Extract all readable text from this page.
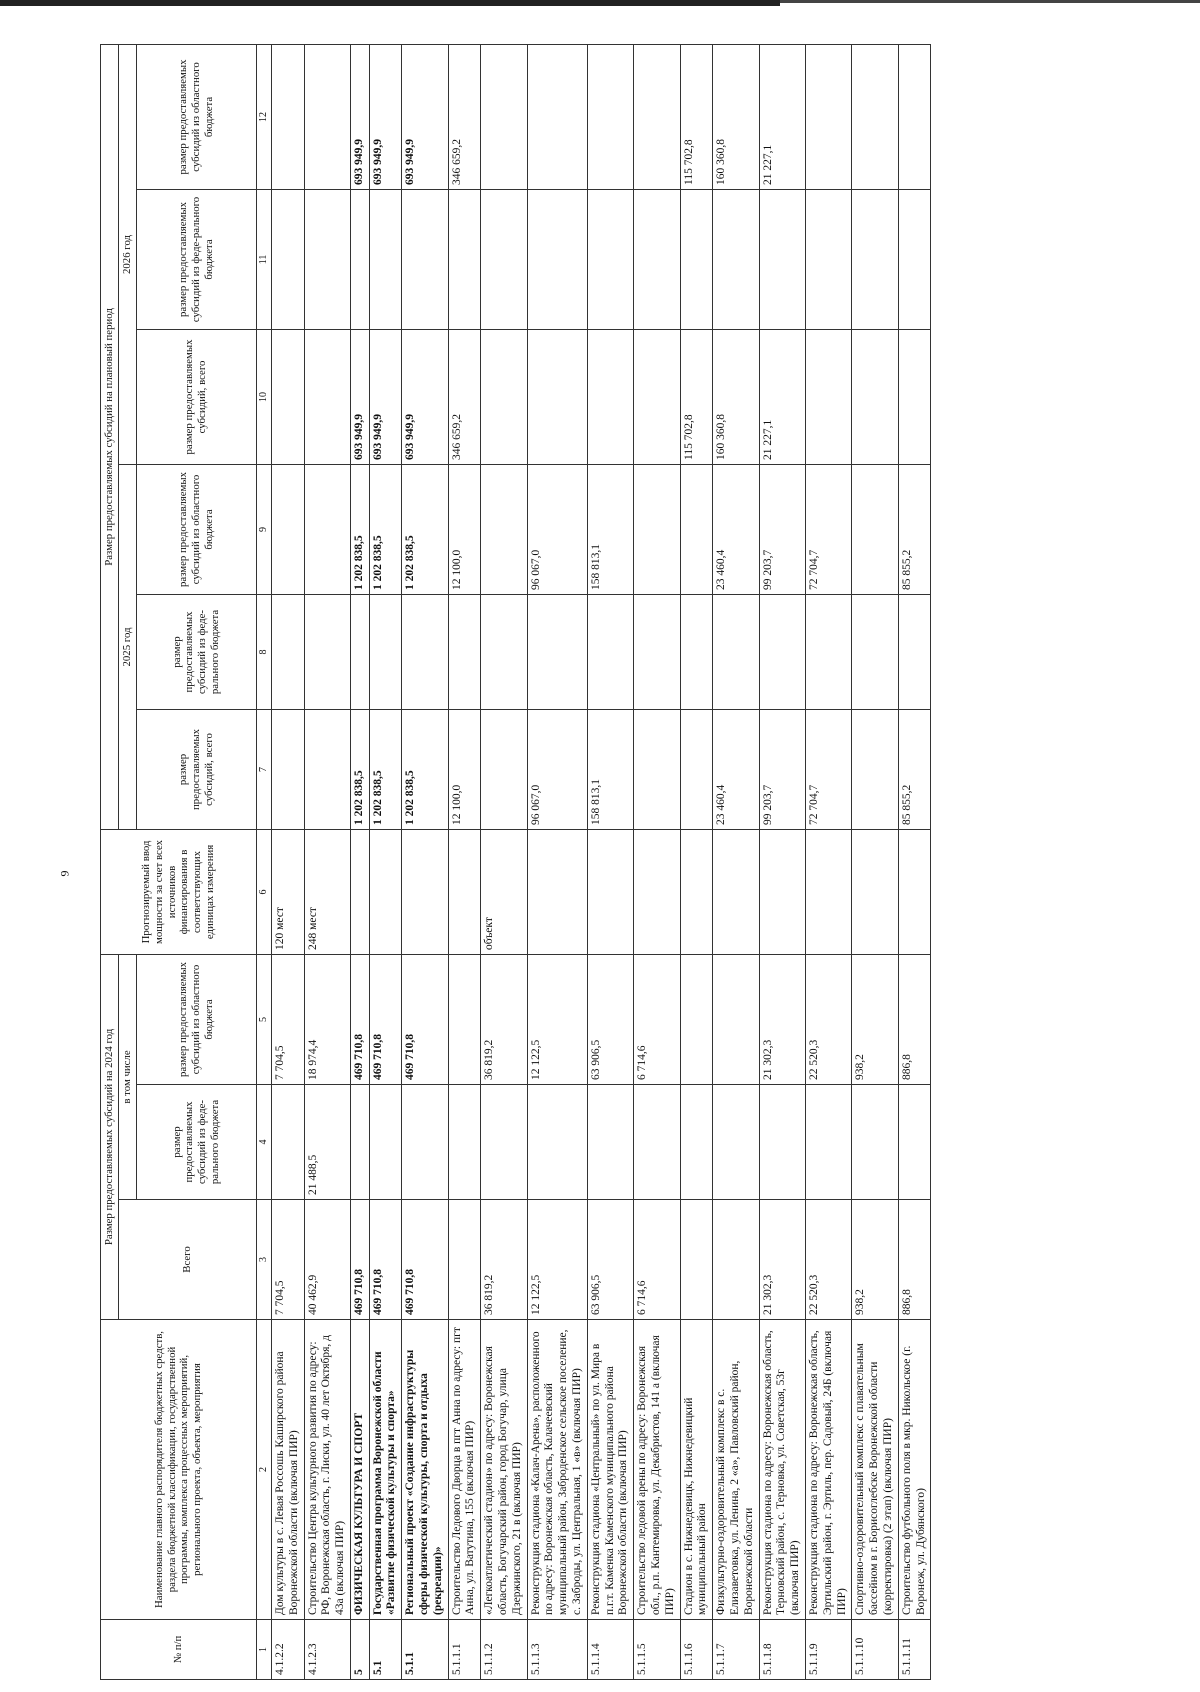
9
№ п/п	Наименование главного распорядителя бюджетных средств, раздела бюджетной классификации, государственной программы, комплекса процессных мероприятий, регионального проекта, объекта, мероприятия	Размер предоставляемых субсидий на 2024 год			Прогнозируемый ввод мощности за счет всех источников финансирования в соответствующих единицах измерения	Размер предоставляемых субсидий на плановый период					
		Всего	в том числе			2025 год			2026 год		
			размер предоставляемых субсидий из феде-рального бюджета	размер предоставляемых субсидий из областного бюджета		размер предоставляемых субсидий, всего	размер предоставляемых субсидий из феде-рального бюджета	размер предоставляемых субсидий из областного бюджета	размер предоставляемых субсидий, всего	размер предоставляемых субсидий из феде-рального бюджета	размер предоставляемых субсидий из областного бюджета
1	2	3	4	5	6	7	8	9	10	11	12
4.1.2.2	Дом культуры в с. Левая Россошь Каширского района Воронежской области (включая ПИР)	7 704,5		7 704,5	120 мест						
4.1.2.3	Строительство Центра культурного развития по адресу: РФ, Воронежская область, г. Лиски, ул. 40 лет Октября, д 43а (включая ПИР)	40 462,9	21 488,5	18 974,4	248 мест						
5	ФИЗИЧЕСКАЯ КУЛЬТУРА И СПОРТ	469 710,8		469 710,8		1 202 838,5		1 202 838,5	693 949,9		693 949,9
5.1	Государственная программа Воронежской области «Развитие физической культуры и спорта»	469 710,8		469 710,8		1 202 838,5		1 202 838,5	693 949,9		693 949,9
5.1.1	Региональный проект «Создание инфраструктуры сферы физической культуры, спорта и отдыха (рекреации)»	469 710,8		469 710,8		1 202 838,5		1 202 838,5	693 949,9		693 949,9
5.1.1.1	Строительство Ледового Дворца в пгт Анна по адресу: пгт Анна, ул. Ватутина, 155 (включая ПИР)					12 100,0		12 100,0	346 659,2		346 659,2
5.1.1.2	«Легкоатлетический стадион» по адресу: Воронежская область, Богучарский район, город Богучар, улица Дзержинского, 21 в (включая ПИР)	36 819,2		36 819,2	объект						
5.1.1.3	Реконструкция стадиона «Калач-Арена», расположенного по адресу: Воронежская область, Калачеевский муниципальный район, Заброденское сельское поселение, с. Заброды, ул. Центральная, 1 «в» (включая ПИР)	12 122,5		12 122,5		96 067,0		96 067,0			
5.1.1.4	Реконструкция стадиона «Центральный» по ул. Мира в п.г.т. Каменка Каменского муниципального района Воронежской области (включая ПИР)	63 906,5		63 906,5		158 813,1		158 813,1			
5.1.1.5	Строительство ледовой арены по адресу: Воронежская обл., р.п. Кантемировка, ул. Декабристов, 141 а (включая ПИР)	6 714,6		6 714,6							
5.1.1.6	Стадион в с. Нижнедевицк, Нижнедевицкий муниципальный район								115 702,8		115 702,8
5.1.1.7	Физкультурно-оздоровительный комплекс в с. Елизаветовка, ул. Ленина, 2 «а», Павловский район, Воронежской области					23 460,4		23 460,4	160 360,8		160 360,8
5.1.1.8	Реконструкция стадиона по адресу: Воронежская область, Терновский район, с. Терновка, ул. Советская, 53г (включая ПИР)	21 302,3		21 302,3		99 203,7		99 203,7	21 227,1		21 227,1
5.1.1.9	Реконструкция стадиона по адресу: Воронежская область, Эртильский район, г. Эртиль, пер. Садовый, 24Б (включая ПИР)	22 520,3		22 520,3		72 704,7		72 704,7			
5.1.1.10	Спортивно-оздоровительный комплекс с плавательным бассейном в г. Борисоглебске Воронежской области (корректировка) (2 этап) (включая ПИР)	938,2		938,2							
5.1.1.11	Строительство футбольного поля в мкр. Никольское (г. Воронеж, ул. Дубянского)	886,8		886,8		85 855,2		85 855,2			
